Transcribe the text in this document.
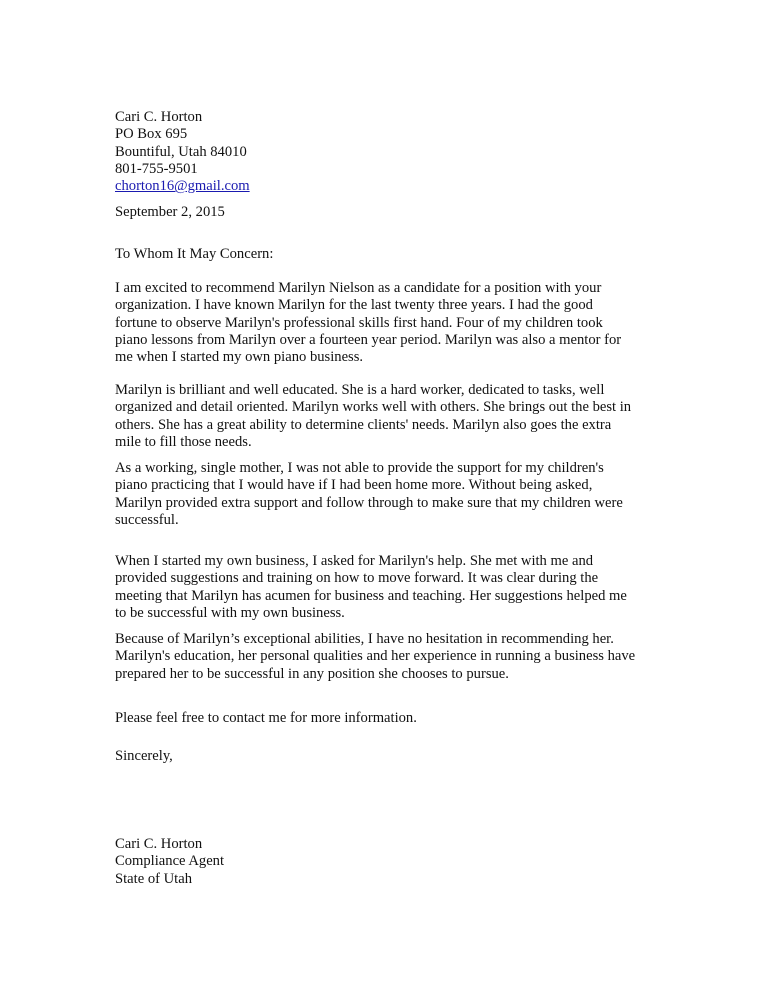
Cari C. Horton
PO Box 695
Bountiful, Utah 84010
801-755-9501
chorton16@gmail.com
September 2, 2015
To Whom It May Concern:
I am excited to recommend Marilyn Nielson as a candidate for a position with your
organization. I have known Marilyn for the last twenty three years. I had the good
fortune to observe Marilyn's professional skills first hand. Four of my children took
piano lessons from Marilyn over a fourteen year period. Marilyn was also a mentor for
me when I started my own piano business.
Marilyn is brilliant and well educated. She is a hard worker, dedicated to tasks, well
organized and detail oriented. Marilyn works well with others. She brings out the best in
others. She has a great ability to determine clients' needs. Marilyn also goes the extra
mile to fill those needs.
As a working, single mother, I was not able to provide the support for my children's
piano practicing that I would have if I had been home more. Without being asked,
Marilyn provided extra support and follow through to make sure that my children were
successful.
When I started my own business, I asked for Marilyn's help. She met with me and
provided suggestions and training on how to move forward. It was clear during the
meeting that Marilyn has acumen for business and teaching. Her suggestions helped me
to be successful with my own business.
Because of Marilyn’s exceptional abilities, I have no hesitation in recommending her.
Marilyn's education, her personal qualities and her experience in running a business have
prepared her to be successful in any position she chooses to pursue.
Please feel free to contact me for more information.
Sincerely,
Cari C. Horton
Compliance Agent
State of Utah
